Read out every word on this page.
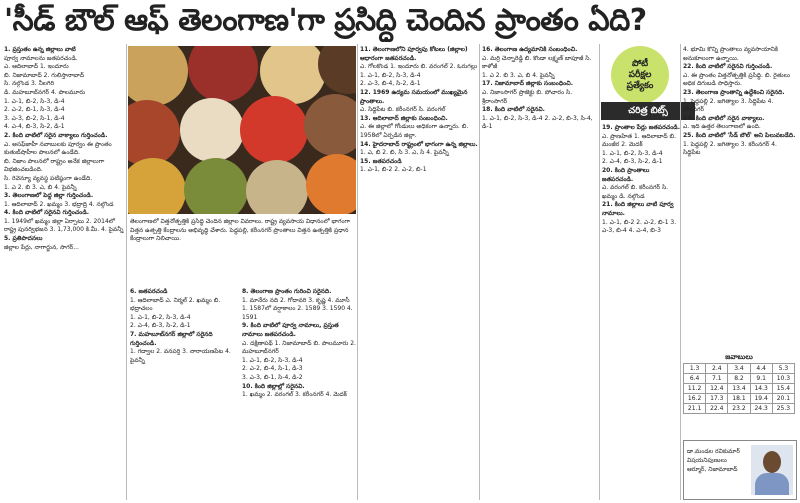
'సీడ్ బౌల్ ఆఫ్ తెలంగాణ'గా ప్రసిద్ధి చెందిన ప్రాంతం ఏది?
పోటీ
పరీక్షల
ప్రత్యేకం
చరిత్ర బిట్స్

1. ప్రస్తుతం ఉన్న జిల్లాలు వాటి

పూర్వ నామాలను జతపరచండి.

ఎ. ఆదిలాబాద్ 1. ఇందూరు

బి. నిజామాబాద్ 2. గులిస్తానాబాద్

సి. నల్గొండ 3. నీలగిరి

డి. మహబూబ్‌నగర్ 4. పాలమూరు

1. ఎ-1, బి-2, సి-3, డి-4

2. ఎ-2, బి-1, సి-3, డి-4

3. ఎ-3, బి-2, సి-1, డి-4

4. ఎ-4, బి-3, సి-2, డి-1

2. కింది వాటిలో సరైన వాక్యాలు గుర్తించండి.

ఎ. అసఫ్‌జాహీ నవాబులకు పూర్వం ఈ ప్రాంతం కుతుబ్‌షాహీల పాలనలో ఉండేది.

బి. నిజాం పాలనలో రాష్ట్రం అనేక జిల్లాలుగా విభజించబడింది.

సి. రెవెన్యూ వ్యవస్థ పటిష్ఠంగా ఉండేది.

1. ఎ 2. బి 3. ఎ, బి 4. పైవన్నీ

3. తెలంగాణలో పెద్ద జిల్లా గుర్తించండి.

1. ఆదిలాబాద్ 2. ఖమ్మం 3. భద్రాద్రి 4. నల్గొండ

4. కింది వాటిలో సరైనవి గుర్తించండి.

1. 1949లో ఖమ్మం జిల్లా ఏర్పాటు 2. 2014లో రాష్ట్ర పునర్విభజన 3. 1,73,000 కి.మీ. 4. పైవన్నీ

5. ప్రతిపాదనలు

జిల్లాల పేర్లు, నాగార్జున, సాగర్...

తెలంగాణలో విత్తనోత్పత్తికి ప్రసిద్ధి చెందిన జిల్లాల వివరాలు. రాష్ట్ర వ్యవసాయ విధానంలో భాగంగా విత్తన ఉత్పత్తి కేంద్రాలను అభివృద్ధి చేశారు. పెద్దపల్లి, కరీంనగర్ ప్రాంతాలు విత్తన ఉత్పత్తికి ప్రధాన కేంద్రాలుగా నిలిచాయి.

6. జతపరచండి

1. ఆదిలాబాద్ ఎ. నిర్మల్ 2. ఖమ్మం బి. భద్రాచలం

1. ఎ-1, బి-2, సి-3, డి-4

2. ఎ-4, బి-3, సి-2, డి-1

7. మహబూబ్‌నగర్ జిల్లాలో సరైనది గుర్తించండి.

1. గద్వాల 2. వనపర్తి 3. నారాయణపేట 4. పైవన్నీ

8. తెలంగాణ ప్రాంతం గురించి సరైనది.

1. మానేరు నది 2. గోదావరి 3. కృష్ణ 4. మూసీ

1. 1587లో వర్షాకాలం 2. 1589 3. 1590 4. 1591

9. కింది వాటిలో పూర్వ నామాలు, ప్రస్తుత నామాలు జతపరచండి.

ఎ. దక్షిణాపథ్ 1. నిజామాబాద్ బి. పాలమూరు 2. మహబూబ్‌నగర్

1. ఎ-1, బి-2, సి-3, డి-4

2. ఎ-2, బి-4, సి-1, డి-3

3. ఎ-3, బి-1, సి-4, డి-2

10. కింది జిల్లాల్లో సరైనవి.

1. ఖమ్మం 2. వరంగల్ 3. కరీంనగర్ 4. మెదక్

11. తెలంగాణలోని పూర్వపు కోటలు (జిల్లాల) ఆధారంగా జతపరచండి.

ఎ. గోలకొండ 1. ఇందూరు బి. వరంగల్ 2. ఓరుగల్లు

1. ఎ-1, బి-2, సి-3, డి-4

2. ఎ-3, బి-4, సి-2, డి-1

12. 1969 ఉద్యమ సమయంలో ముఖ్యమైన ప్రాంతాలు.

ఎ. సిద్దిపేట బి. కరీంనగర్ సి. వరంగల్

13. ఆదిలాబాద్ జిల్లాకు సంబంధించి.

ఎ. ఈ జిల్లాలో గోండులు అధికంగా ఉన్నారు. బి. 1958లో ఏర్పడిన జిల్లా.

14. హైదరాబాద్ రాష్ట్రంలో భాగంగా ఉన్న జిల్లాలు.

1. ఎ, బి 2. బి, సి 3. ఎ, సి 4. పైవన్నీ

15. జతపరచండి

1. ఎ-1, బి-2 2. ఎ-2, బి-1

16. తెలంగాణ ఉద్యమానికి సంబంధించి.

ఎ. మర్రి చెన్నారెడ్డి బి. కొండా లక్ష్మణ్ బాపూజీ సి. కాళోజీ

1. ఎ 2. బి 3. ఎ, బి 4. పైవన్నీ

17. నిజామాబాద్ జిల్లాకు సంబంధించి.

ఎ. నిజాంసాగర్ ప్రాజెక్టు బి. పోచారం సి. శ్రీరాంసాగర్

18. కింది వాటిలో సరైనవి.

1. ఎ-1, బి-2, సి-3, డి-4 2. ఎ-2, బి-3, సి-4, డి-1	19. ప్రాంతాల పేర్లు జతపరచండి.

ఎ. ప్రాణహిత 1. ఆదిలాబాద్ బి. మంజీర 2. మెదక్

1. ఎ-1, బి-2, సి-3, డి-4

2. ఎ-4, బి-3, సి-2, డి-1

20. కింది ప్రాంతాలు జతపరచండి.

ఎ. వరంగల్ బి. కరీంనగర్ సి. ఖమ్మం డి. నల్గొండ

21. కింది జిల్లాలు వాటి పూర్వ నామాలు.

1. ఎ-1, బి-2 2. ఎ-2, బి-1 3. ఎ-3, బి-4 4. ఎ-4, బి-3

4. భూమి కొన్ని ప్రాంతాలు వ్యవసాయానికి అనుకూలంగా ఉన్నాయి.

22. కింది వాటిలో సరైనవి గుర్తించండి.

ఎ. ఈ ప్రాంతం విత్తనోత్పత్తికి ప్రసిద్ధి. బి. రైతులు అధిక దిగుబడి సాధిస్తారు.

23. తెలంగాణ ప్రాంతాన్ని ఉద్దేశించి సరైనది.

1. పెద్దపల్లి 2. జగిత్యాల 3. సిద్దిపేట 4. కరీంనగర్

24. కింది వాటిలో సరైన వాక్యాలు.

ఎ. ఇది ఉత్తర తెలంగాణలో ఉంది.

25. కింది వాటిలో 'సీడ్ బౌల్' అని పిలువబడేది.

1. పెద్దపల్లి 2. జగిత్యాల 3. కరీంనగర్ 4. సిద్దిపేట

జవాబులు
1.3	2.4	3.4	4.4	5.3
6.4	7.1	8.2	9.1	10.3
11.2	12.4	13.4	14.3	15.4
16.2	17.3	18.1	19.4	20.1
21.1	22.4	23.2	24.3	25.3
డా.మండల రవికుమార్
విషయనిపుణులు
ఆర్మూర్, నిజామాబాద్
